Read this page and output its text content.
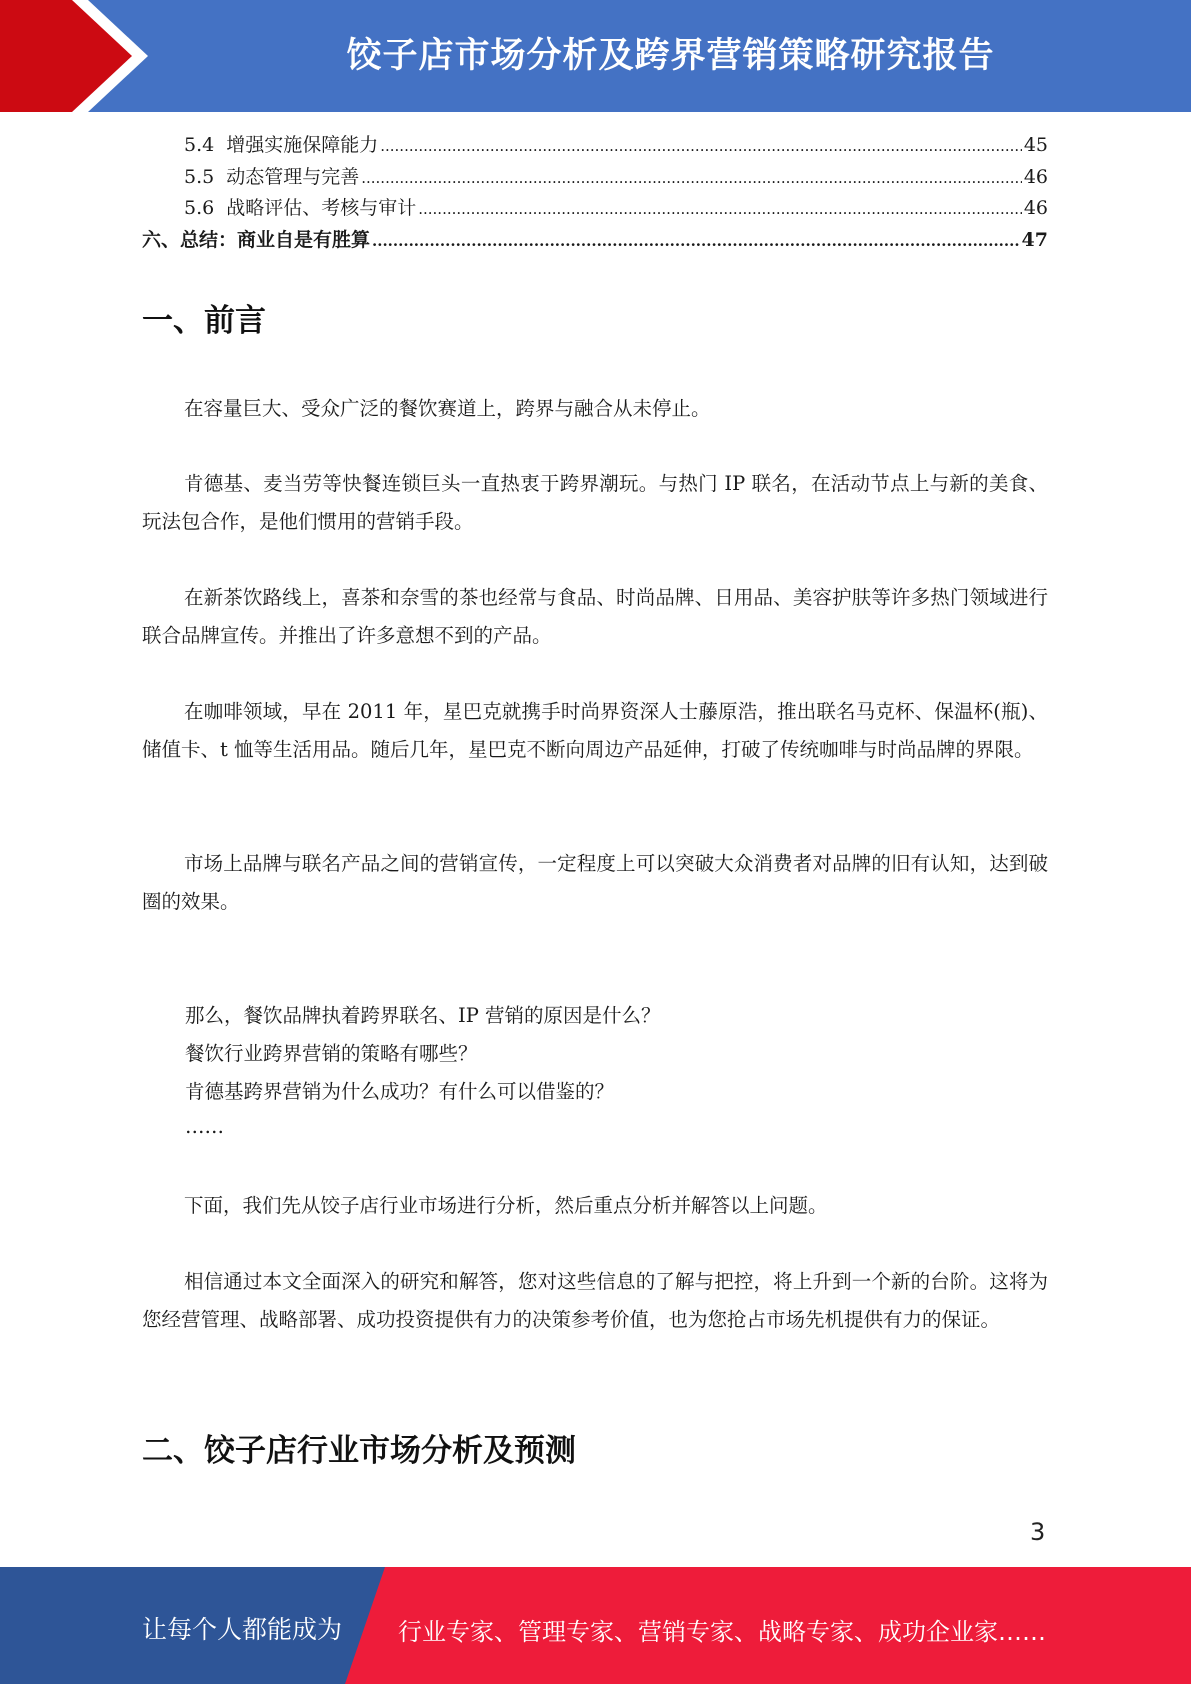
饺子店市场分析及跨界营销策略研究报告
5.4 增强实施保障能力 .....	45
5.5 动态管理与完善 .....	46
5.6 战略评估、考核与审计 .....	46
六、总结：商业自是有胜算 .....	47
一、前言

在容量巨大、受众广泛的餐饮赛道上，跨界与融合从未停止。

肯德基、麦当劳等快餐连锁巨头一直热衷于跨界潮玩。与热门 IP 联名，在活动节点上与新的美食、玩法包合作，是他们惯用的营销手段。

在新茶饮路线上，喜茶和奈雪的茶也经常与食品、时尚品牌、日用品、美容护肤等许多热门领域进行联合品牌宣传。并推出了许多意想不到的产品。

在咖啡领域，早在 2011 年，星巴克就携手时尚界资深人士藤原浩，推出联名马克杯、保温杯(瓶)、储值卡、t 恤等生活用品。随后几年，星巴克不断向周边产品延伸，打破了传统咖啡与时尚品牌的界限。

市场上品牌与联名产品之间的营销宣传，一定程度上可以突破大众消费者对品牌的旧有认知，达到破圈的效果。

那么，餐饮品牌执着跨界联名、IP 营销的原因是什么？
餐饮行业跨界营销的策略有哪些？
肯德基跨界营销为什么成功？有什么可以借鉴的？
……

下面，我们先从饺子店行业市场进行分析，然后重点分析并解答以上问题。

相信通过本文全面深入的研究和解答，您对这些信息的了解与把控，将上升到一个新的台阶。这将为您经营管理、战略部署、成功投资提供有力的决策参考价值，也为您抢占市场先机提供有力的保证。

二、饺子店行业市场分析及预测
3
让每个人都能成为 行业专家、管理专家、营销专家、战略专家、成功企业家……
